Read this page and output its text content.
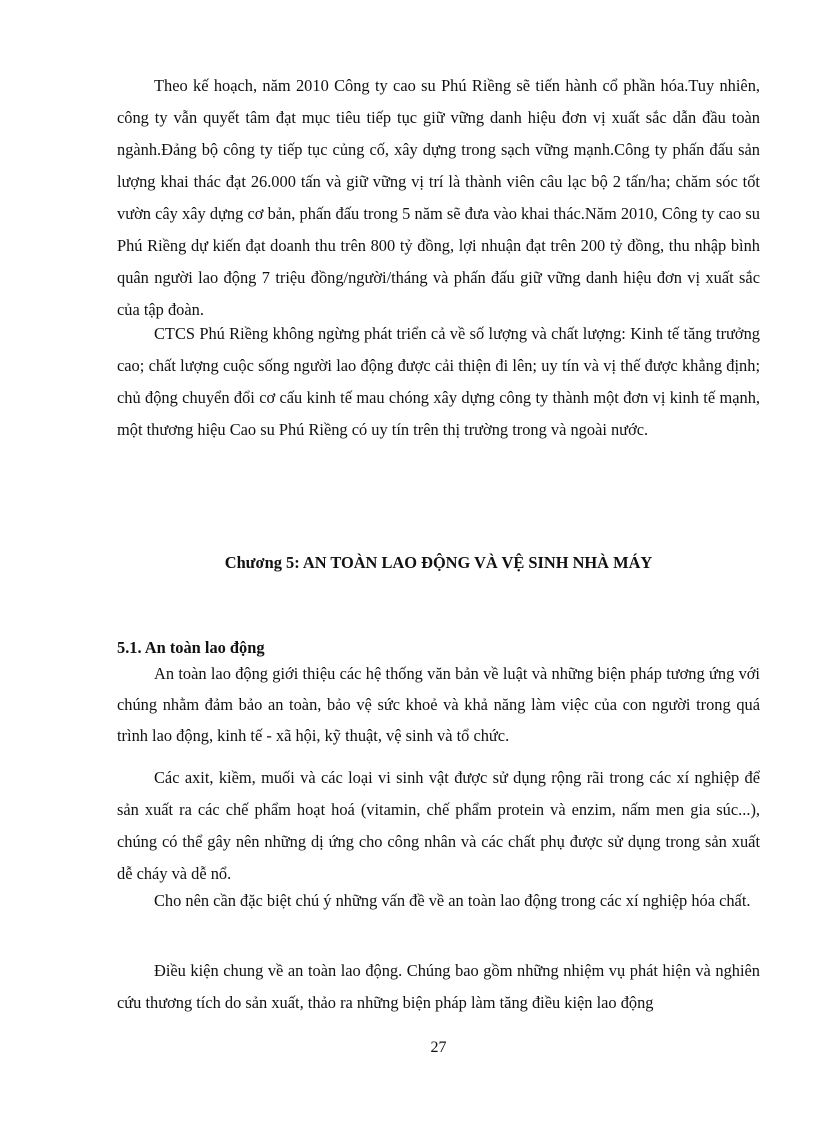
Theo kế hoạch, năm 2010 Công ty cao su Phú Riềng sẽ tiến hành cổ phần hóa.Tuy nhiên, công ty vẫn quyết tâm đạt mục tiêu tiếp tục giữ vững danh hiệu đơn vị xuất sắc dẫn đầu toàn ngành.Đảng bộ công ty tiếp tục củng cố, xây dựng trong sạch vững mạnh.Công ty phấn đấu sản lượng khai thác đạt 26.000 tấn và giữ vững vị trí là thành viên câu lạc bộ 2 tấn/ha; chăm sóc tốt vườn cây xây dựng cơ bản, phấn đấu trong 5 năm sẽ đưa vào khai thác.Năm 2010, Công ty cao su Phú Riềng dự kiến đạt doanh thu trên 800 tỷ đồng, lợi nhuận đạt trên 200 tỷ đồng, thu nhập bình quân người lao động 7 triệu đồng/người/tháng và phấn đấu giữ vững danh hiệu đơn vị xuất sắc của tập đoàn.

CTCS Phú Riềng không ngừng phát triển cả về số lượng và chất lượng: Kinh tế tăng trưởng cao; chất lượng cuộc sống người lao động được cải thiện đi lên; uy tín và vị thế được khẳng định; chủ động chuyển đổi cơ cấu kinh tế mau chóng xây dựng công ty thành một đơn vị kinh tế mạnh, một thương hiệu Cao su Phú Riềng có uy tín trên thị trường trong và ngoài nước.

Chương 5: AN TOÀN LAO ĐỘNG VÀ VỆ SINH NHÀ MÁY
5.1. An toàn lao động

An toàn lao động giới thiệu các hệ thống văn bản về luật và những biện pháp tương ứng với chúng nhằm đảm bảo an toàn, bảo vệ sức khoẻ và khả năng làm việc của con người trong quá trình lao động, kinh tế - xã hội, kỹ thuật, vệ sinh và tổ chức.

Các axit, kiềm, muối và các loại vi sinh vật được sử dụng rộng rãi trong các xí nghiệp để sản xuất ra các chế phẩm hoạt hoá (vitamin, chế phẩm protein và enzim, nấm men gia súc...), chúng có thể gây nên những dị ứng cho công nhân và các chất phụ được sử dụng trong sản xuất dễ cháy và dễ nổ.

Cho nên cần đặc biệt chú ý những vấn đề về an toàn lao động trong các xí nghiệp hóa chất.

Điều kiện chung về an toàn lao động. Chúng bao gồm những nhiệm vụ phát hiện và nghiên cứu thương tích do sản xuất, thảo ra những biện pháp làm tăng điều kiện lao động

27
